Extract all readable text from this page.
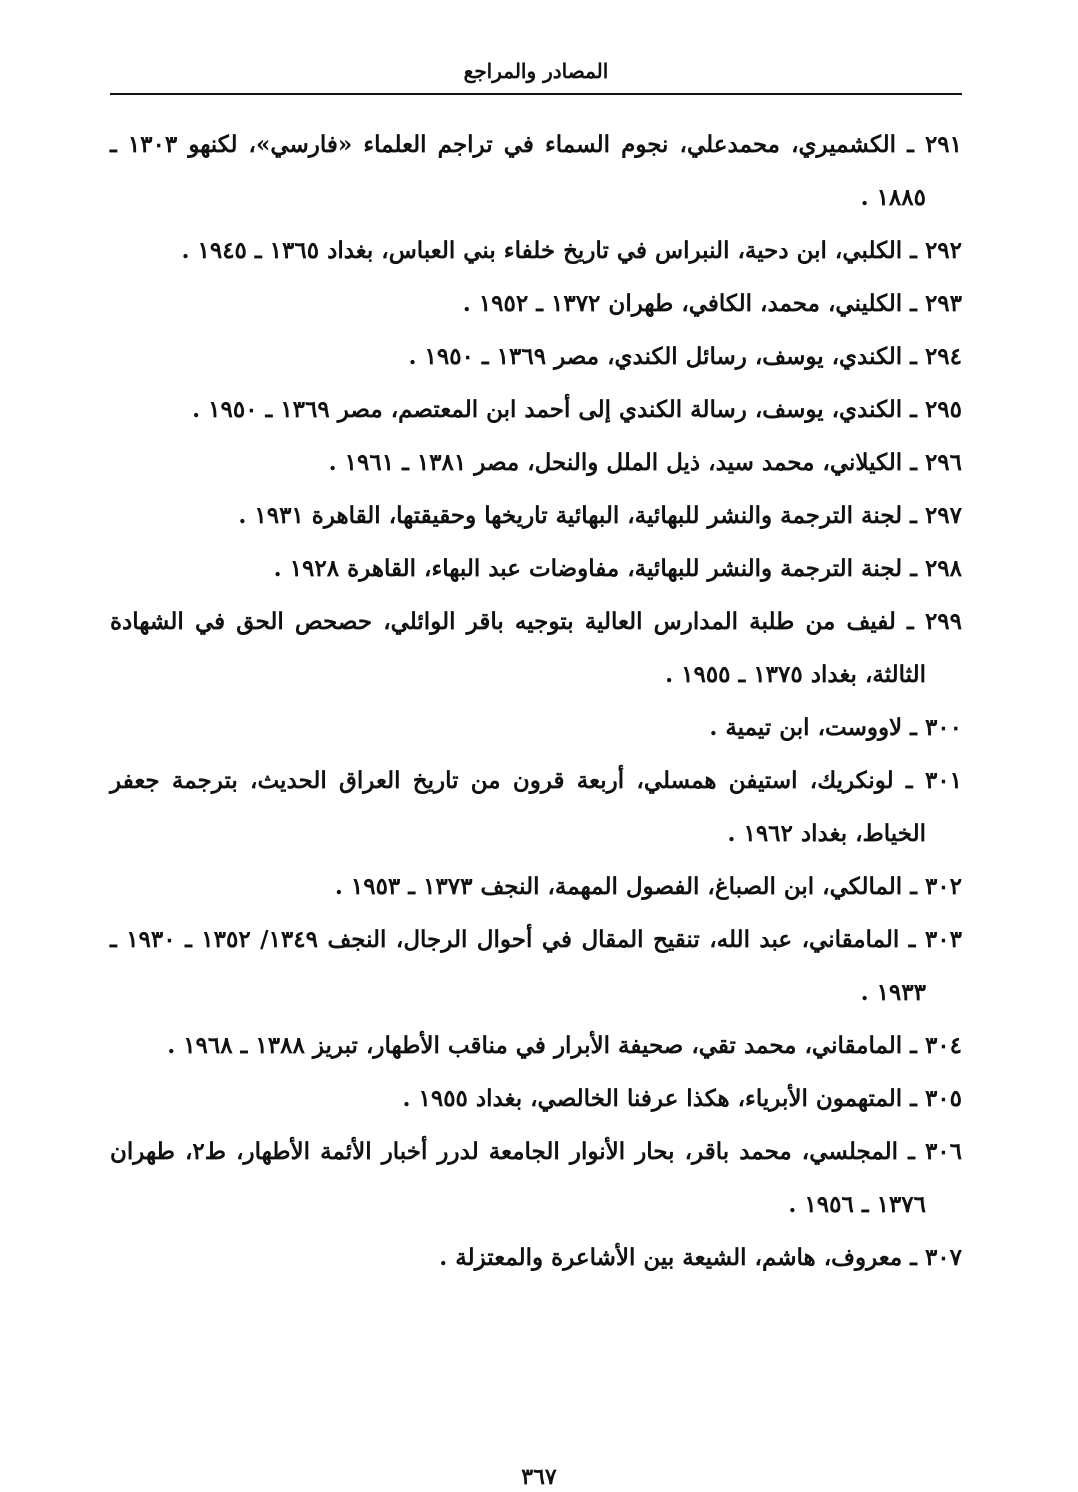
المصادر والمراجع
٢٩١ ـ الكشميري، محمدعلي، نجوم السماء في تراجم العلماء «فارسي»، لكنهو ١٣٠٣ ـ ١٨٨٥ .
٢٩٢ ـ الكلبي، ابن دحية، النبراس في تاريخ خلفاء بني العباس، بغداد ١٣٦٥ ـ ١٩٤٥ .
٢٩٣ ـ الكليني، محمد، الكافي، طهران ١٣٧٢ ـ ١٩٥٢ .
٢٩٤ ـ الكندي، يوسف، رسائل الكندي، مصر ١٣٦٩ ـ ١٩٥٠ .
٢٩٥ ـ الكندي، يوسف، رسالة الكندي إلى أحمد ابن المعتصم، مصر ١٣٦٩ ـ ١٩٥٠ .
٢٩٦ ـ الكيلاني، محمد سيد، ذيل الملل والنحل، مصر ١٣٨١ ـ ١٩٦١ .
٢٩٧ ـ لجنة الترجمة والنشر للبهائية، البهائية تاريخها وحقيقتها، القاهرة ١٩٣١ .
٢٩٨ ـ لجنة الترجمة والنشر للبهائية، مفاوضات عبد البهاء، القاهرة ١٩٢٨ .
٢٩٩ ـ لفيف من طلبة المدارس العالية بتوجيه باقر الوائلي، حصحص الحق في الشهادة الثالثة، بغداد ١٣٧٥ ـ ١٩٥٥ .
٣٠٠ ـ لاووست، ابن تيمية .
٣٠١ ـ لونكريك، استيفن همسلي، أربعة قرون من تاريخ العراق الحديث، بترجمة جعفر الخياط، بغداد ١٩٦٢ .
٣٠٢ ـ المالكي، ابن الصباغ، الفصول المهمة، النجف ١٣٧٣ ـ ١٩٥٣ .
٣٠٣ ـ المامقاني، عبد الله، تنقيح المقال في أحوال الرجال، النجف ١٣٤٩/ ١٣٥٢ ـ ١٩٣٠ ـ ١٩٣٣ .
٣٠٤ ـ المامقاني، محمد تقي، صحيفة الأبرار في مناقب الأطهار، تبريز ١٣٨٨ ـ ١٩٦٨ .
٣٠٥ ـ المتهمون الأبرياء، هكذا عرفنا الخالصي، بغداد ١٩٥٥ .
٣٠٦ ـ المجلسي، محمد باقر، بحار الأنوار الجامعة لدرر أخبار الأئمة الأطهار، ط٢، طهران ١٣٧٦ ـ ١٩٥٦ .
٣٠٧ ـ معروف، هاشم، الشيعة بين الأشاعرة والمعتزلة .
٣٦٧
